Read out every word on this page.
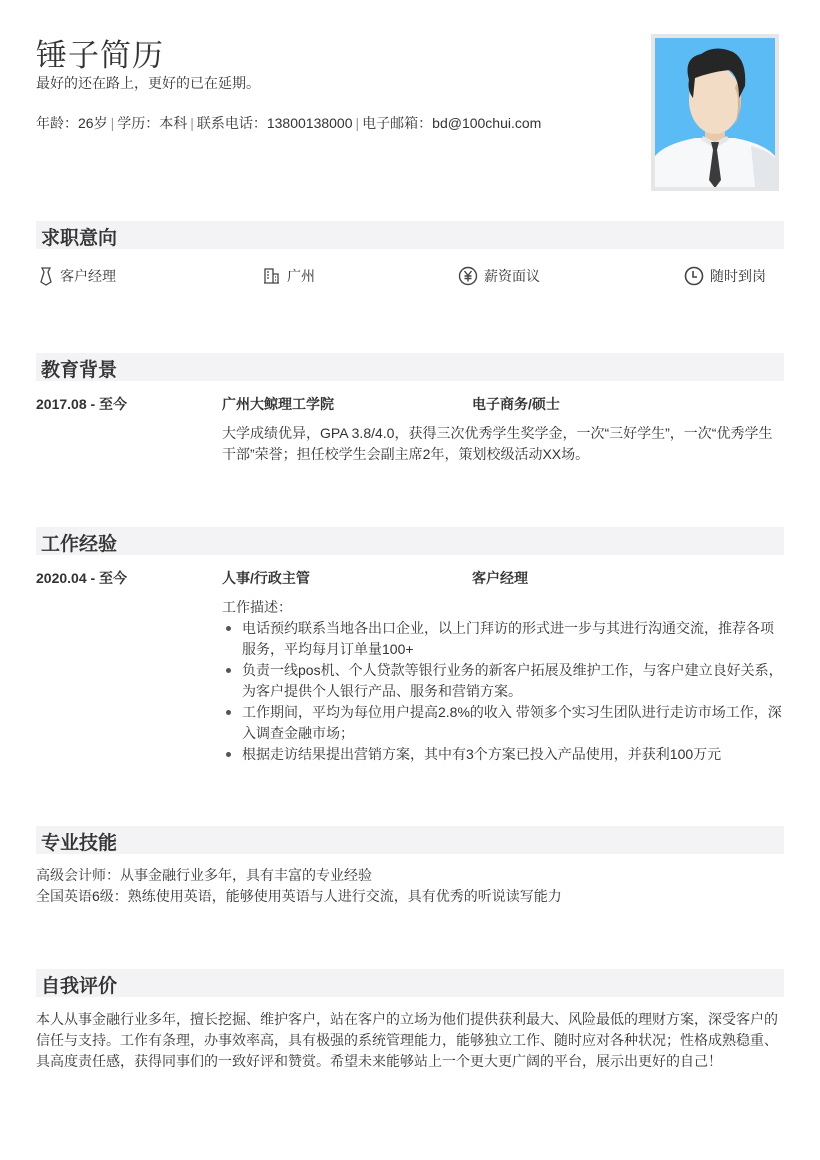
锤子简历
最好的还在路上，更好的已在延期。
年龄：26岁 | 学历：本科 | 联系电话：13800138000 | 电子邮箱：bd@100chui.com
求职意向
客户经理	广州	薪资面议	随时到岗
教育背景
2017.08 - 至今	广州大鲸理工学院	电子商务/硕士
大学成绩优异，GPA 3.8/4.0，获得三次优秀学生奖学金，一次“三好学生”，一次“优秀学生干部”荣誉；担任校学生会副主席2年，策划校级活动XX场。
工作经验
2020.04 - 至今	人事/行政主管	客户经理
工作描述：
电话预约联系当地各出口企业，以上门拜访的形式进一步与其进行沟通交流，推荐各项服务，平均每月订单量100+
负责一线pos机、个人贷款等银行业务的新客户拓展及维护工作，与客户建立良好关系，为客户提供个人银行产品、服务和营销方案。
工作期间，平均为每位用户提高2.8%的收入 带领多个实习生团队进行走访市场工作，深入调查金融市场；
根据走访结果提出营销方案，其中有3个方案已投入产品使用，并获利100万元
专业技能
高级会计师：从事金融行业多年，具有丰富的专业经验
全国英语6级：熟练使用英语，能够使用英语与人进行交流，具有优秀的听说读写能力
自我评价
本人从事金融行业多年，擅长挖掘、维护客户，站在客户的立场为他们提供获利最大、风险最低的理财方案，深受客户的信任与支持。工作有条理，办事效率高，具有极强的系统管理能力，能够独立工作、随时应对各种状况；性格成熟稳重、具高度责任感，获得同事们的一致好评和赞赏。希望未来能够站上一个更大更广阔的平台，展示出更好的自己！
